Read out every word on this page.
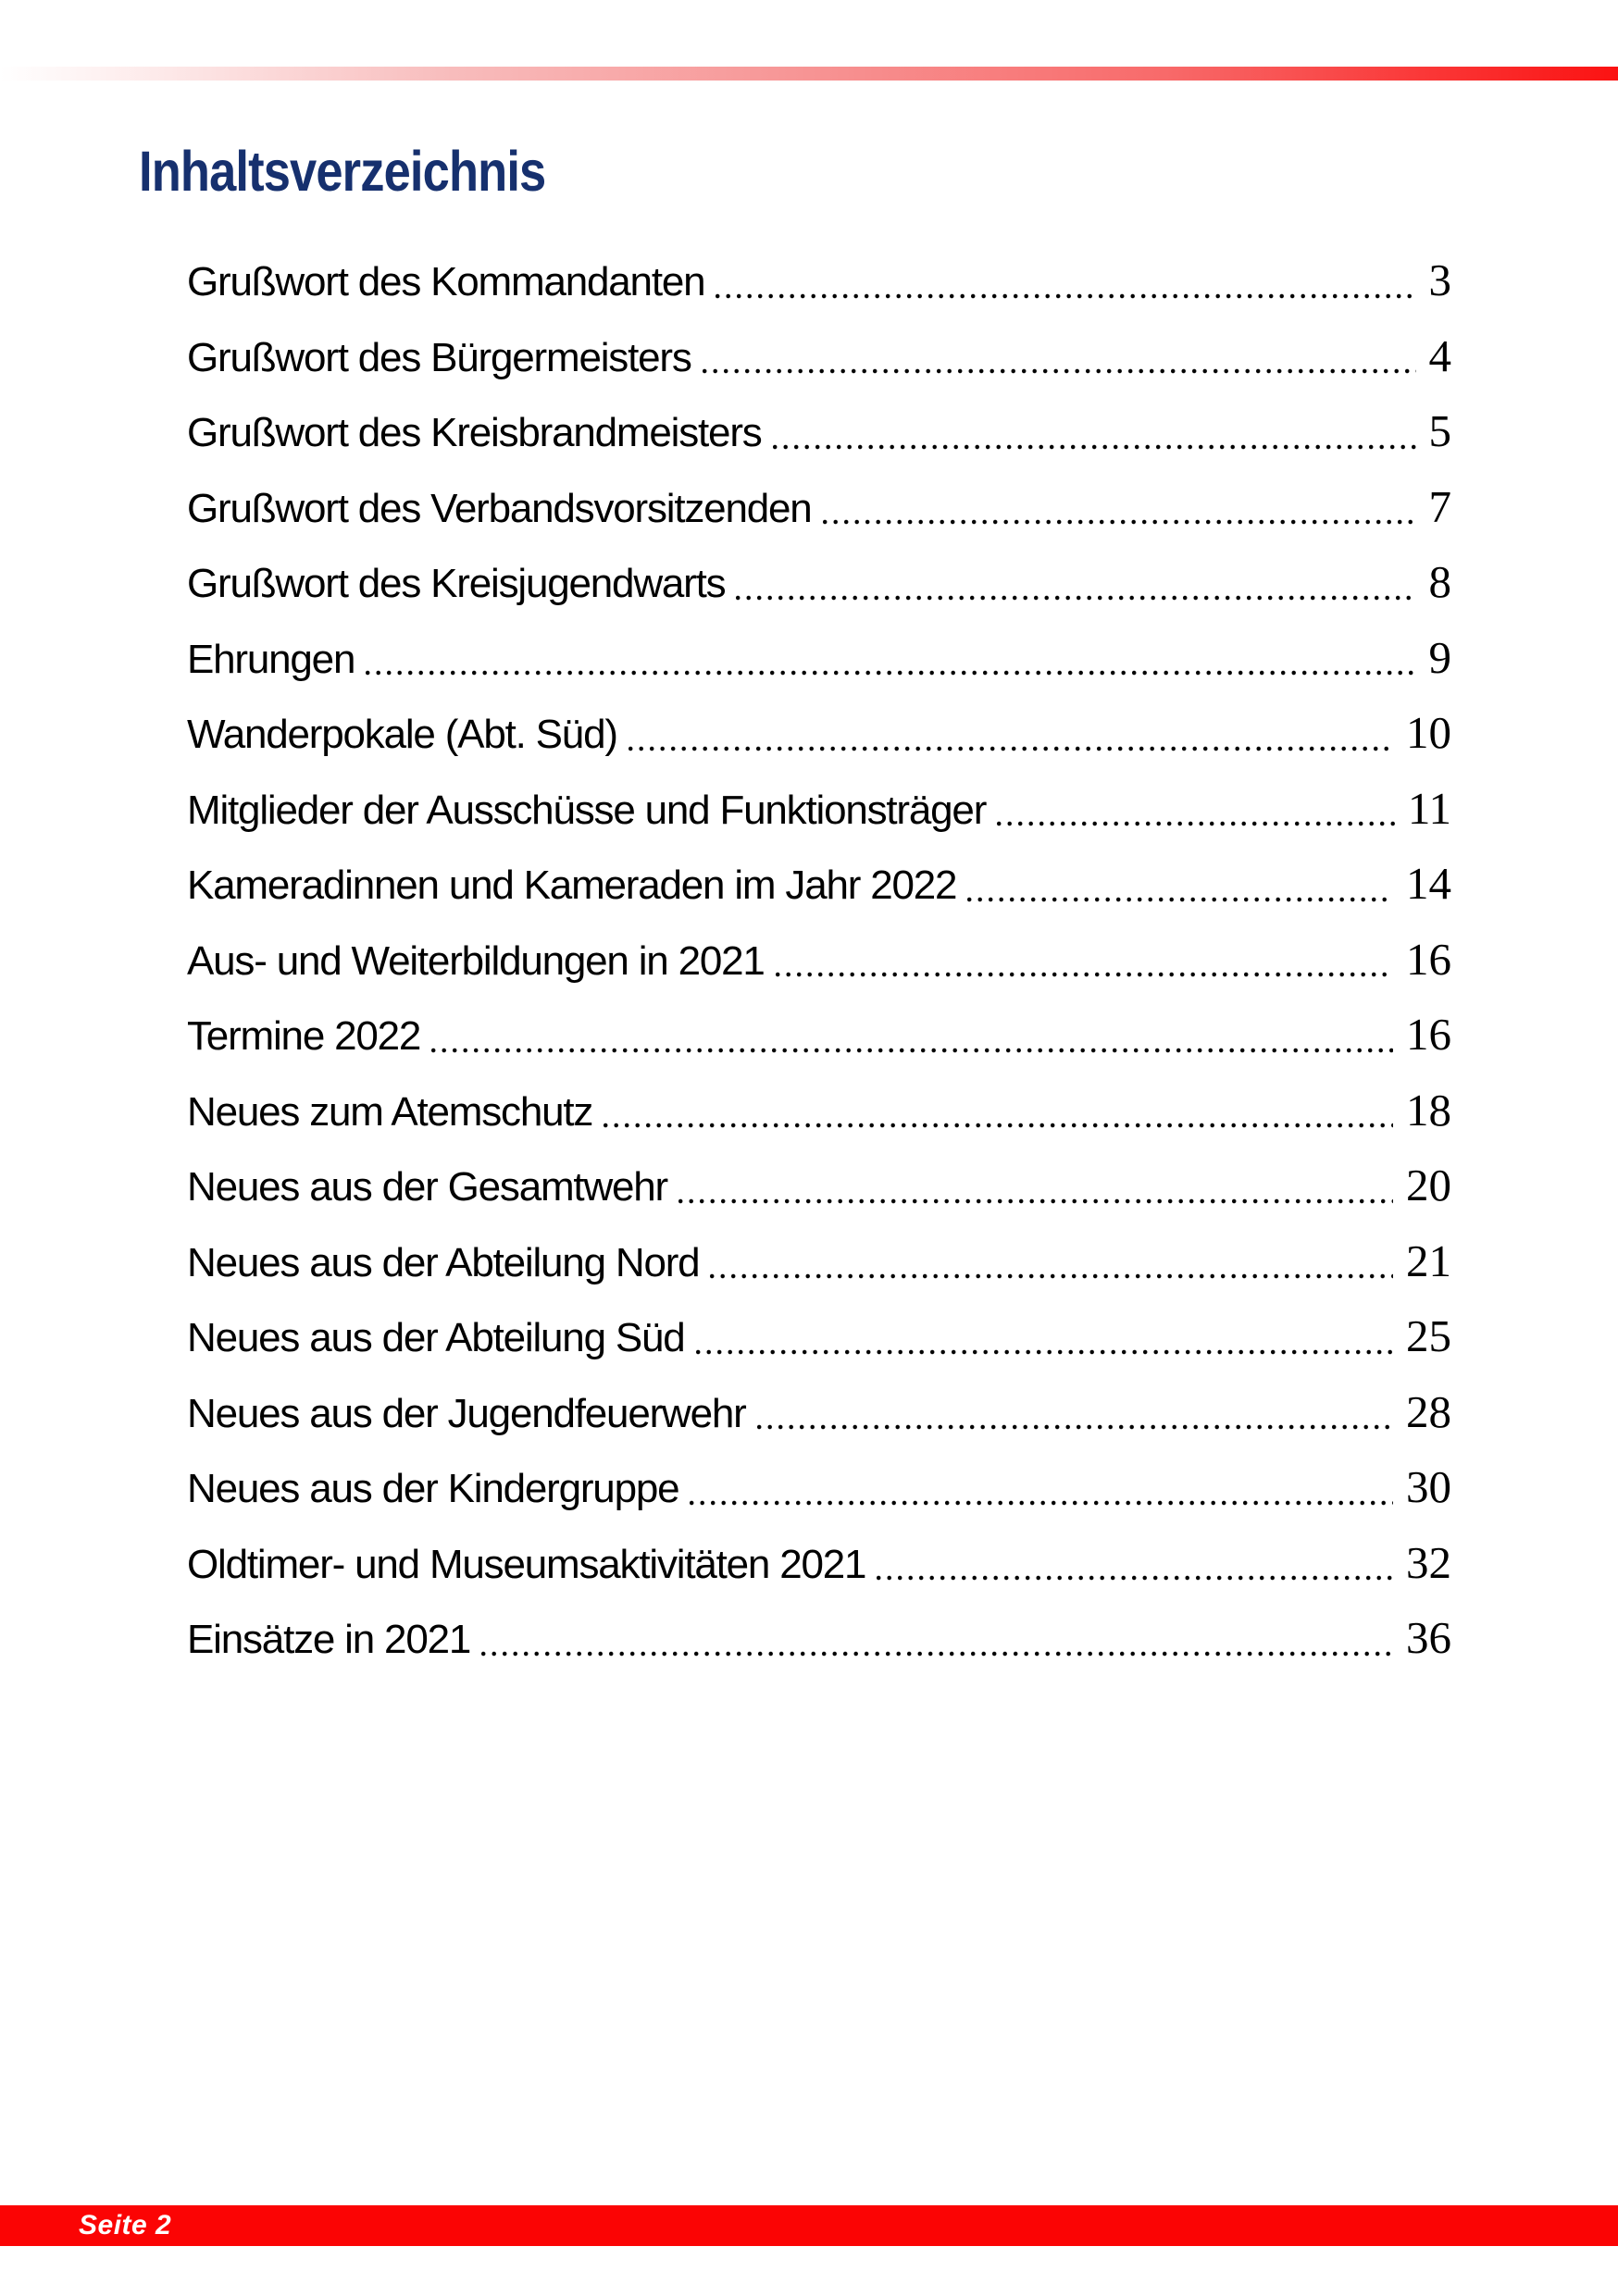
Inhaltsverzeichnis
Grußwort des Kommandanten	3
Grußwort des Bürgermeisters	4
Grußwort des Kreisbrandmeisters	5
Grußwort des Verbandsvorsitzenden	7
Grußwort des Kreisjugendwarts	8
Ehrungen	9
Wanderpokale (Abt. Süd)	10
Mitglieder der Ausschüsse und Funktionsträger	11
Kameradinnen und Kameraden im Jahr 2022	14
Aus- und Weiterbildungen in 2021	16
Termine 2022	16
Neues zum Atemschutz	18
Neues aus der Gesamtwehr	20
Neues aus der Abteilung Nord	21
Neues aus der Abteilung Süd	25
Neues aus der Jugendfeuerwehr	28
Neues aus der Kindergruppe	30
Oldtimer- und Museumsaktivitäten 2021	32
Einsätze in 2021	36
Seite 2
